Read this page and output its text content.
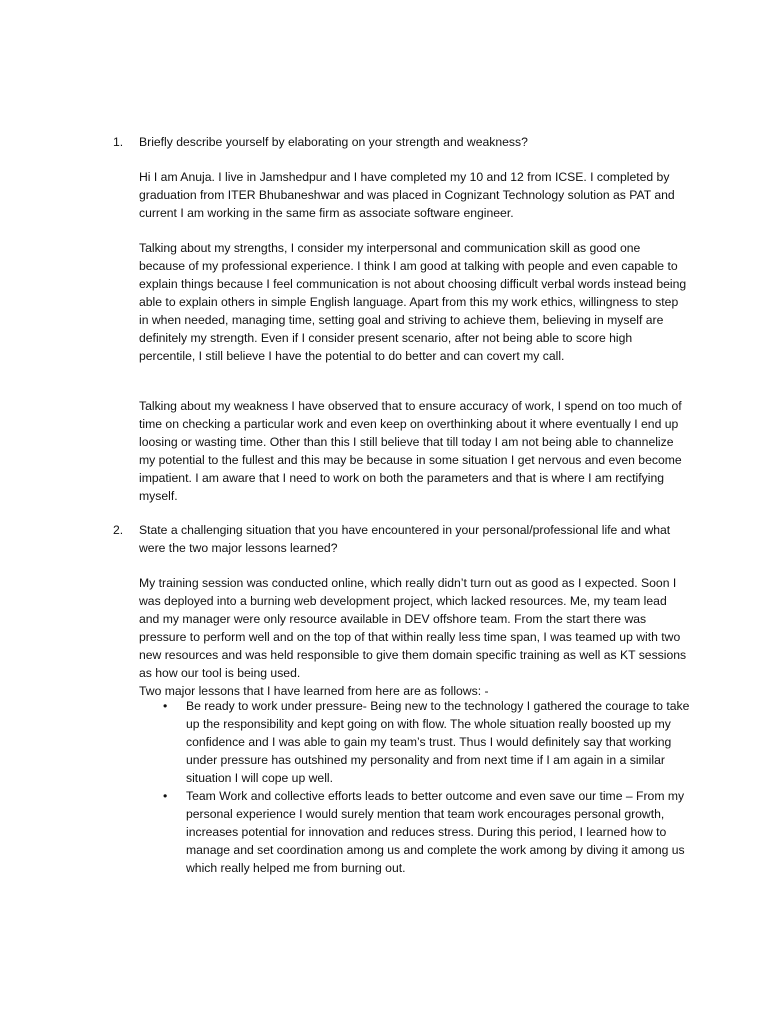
1.	Briefly describe yourself by elaborating on your strength and weakness?

Hi I am Anuja. I live in Jamshedpur and I have completed my 10 and 12 from ICSE. I completed by graduation from ITER Bhubaneshwar and was placed in Cognizant Technology solution as PAT and current I am working in the same firm as associate software engineer.

Talking about my strengths, I consider my interpersonal and communication skill as good one because of my professional experience. I think I am good at talking with people and even capable to explain things because I feel communication is not about choosing difficult verbal words instead being able to explain others in simple English language. Apart from this my work ethics, willingness to step in when needed, managing time, setting goal and striving to achieve them, believing in myself are definitely my strength. Even if I consider present scenario, after not being able to score high percentile, I still believe I have the potential to do better and can covert my call.

Talking about my weakness I have observed that to ensure accuracy of work, I spend on too much of time on checking a particular work and even keep on overthinking about it where eventually I end up loosing or wasting time. Other than this I still believe that till today I am not being able to channelize my potential to the fullest and this may be because in some situation I get nervous and even become impatient. I am aware that I need to work on both the parameters and that is where I am rectifying myself.

2.	State a challenging situation that you have encountered in your personal/professional life and what were the two major lessons learned?

My training session was conducted online, which really didn’t turn out as good as I expected. Soon I was deployed into a burning web development project, which lacked resources. Me, my team lead and my manager were only resource available in DEV offshore team. From the start there was pressure to perform well and on the top of that within really less time span, I was teamed up with two new resources and was held responsible to give them domain specific training as well as KT sessions as how our tool is being used.

Two major lessons that I have learned from here are as follows: -

• Be ready to work under pressure- Being new to the technology I gathered the courage to take up the responsibility and kept going on with flow. The whole situation really boosted up my confidence and I was able to gain my team’s trust. Thus I would definitely say that working under pressure has outshined my personality and from next time if I am again in a similar situation I will cope up well.
• Team Work and collective efforts leads to better outcome and even save our time – From my personal experience I would surely mention that team work encourages personal growth, increases potential for innovation and reduces stress. During this period, I learned how to manage and set coordination among us and complete the work among by diving it among us which really helped me from burning out.
